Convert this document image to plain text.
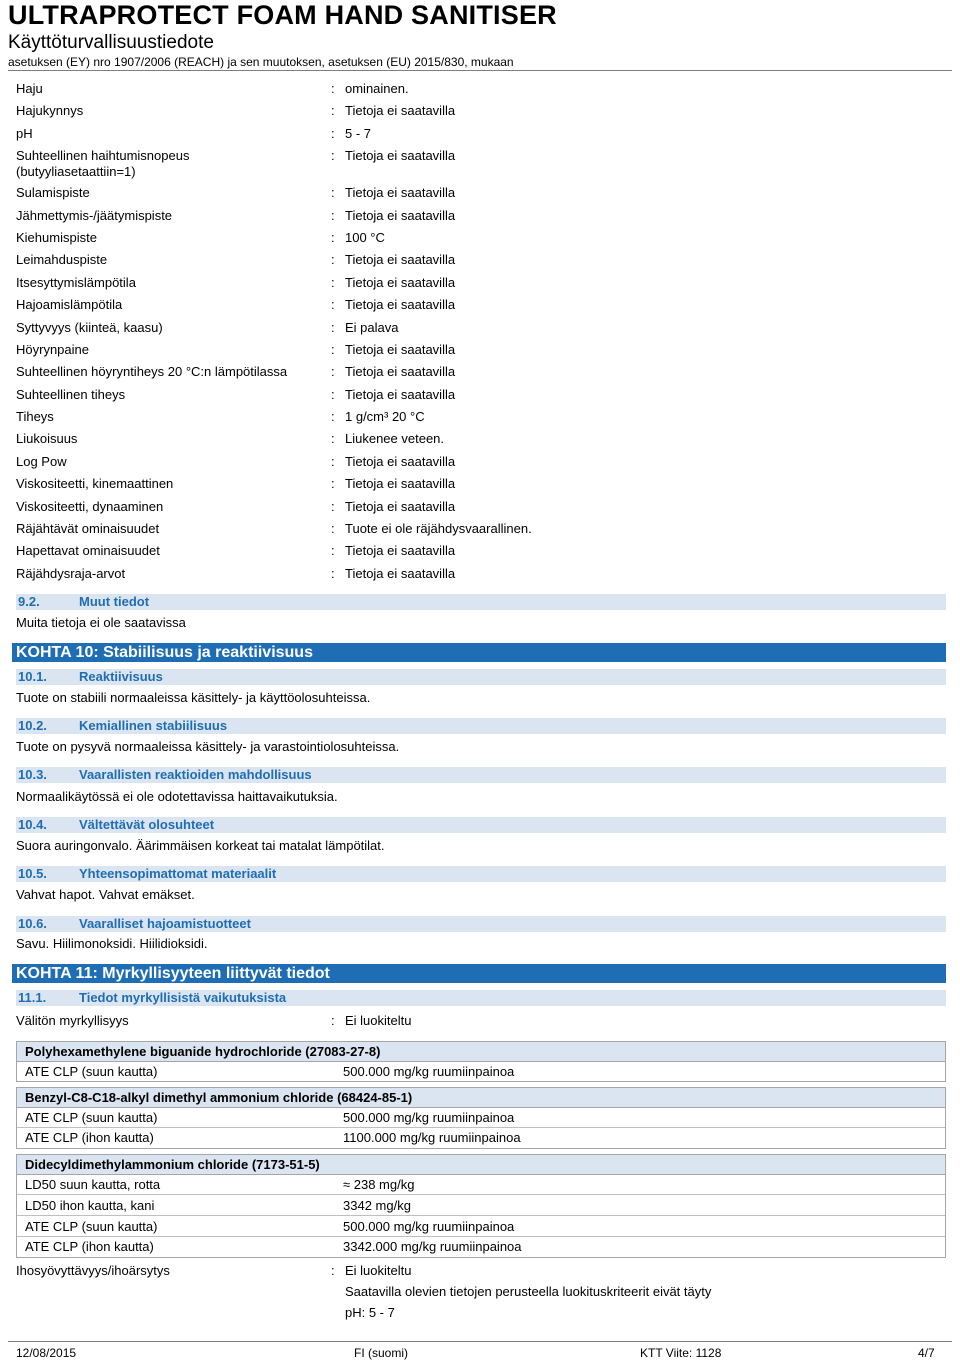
ULTRAPROTECT FOAM HAND SANITISER
Käyttöturvallisuustiedote
asetuksen (EY) nro 1907/2006 (REACH) ja sen muutoksen, asetuksen (EU) 2015/830, mukaan
Haju	: ominainen.
Hajukynnys	: Tietoja ei saatavilla
pH	: 5 - 7
Suhteellinen haihtumisnopeus
(butyyliasetaattiin=1)
: Tietoja ei saatavilla
Sulamispiste	: Tietoja ei saatavilla
Jähmettymis-/jäätymispiste	: Tietoja ei saatavilla
Kiehumispiste	: 100 °C
Leimahduspiste	: Tietoja ei saatavilla
Itsesyttymislämpötila	: Tietoja ei saatavilla
Hajoamislämpötila	: Tietoja ei saatavilla
Syttyvyys (kiinteä, kaasu)	: Ei palava
Höyrynpaine	: Tietoja ei saatavilla
Suhteellinen höyryntiheys 20 °C:n lämpötilassa	: Tietoja ei saatavilla
Suhteellinen tiheys	: Tietoja ei saatavilla
Tiheys	: 1 g/cm³ 20 °C
Liukoisuus	: Liukenee veteen.
Log Pow	: Tietoja ei saatavilla
Viskositeetti, kinemaattinen	: Tietoja ei saatavilla
Viskositeetti, dynaaminen	: Tietoja ei saatavilla
Räjähtävät ominaisuudet	: Tuote ei ole räjähdysvaarallinen.
Hapettavat ominaisuudet	: Tietoja ei saatavilla
Räjähdysraja-arvot	: Tietoja ei saatavilla
9.2.	Muut tiedot
Muita tietoja ei ole saatavissa
KOHTA 10: Stabiilisuus ja reaktiivisuus
10.1. Reaktiivisuus
Tuote on stabiili normaaleissa käsittely- ja käyttöolosuhteissa.
10.2. Kemiallinen stabiilisuus
Tuote on pysyvä normaaleissa käsittely- ja varastointiolosuhteissa.
10.3. Vaarallisten reaktioiden mahdollisuus
Normaalikäytössä ei ole odotettavissa haittavaikutuksia.
10.4. Vältettävät olosuhteet
Suora auringonvalo. Äärimmäisen korkeat tai matalat lämpötilat.
10.5. Yhteensopimattomat materiaalit
Vahvat hapot. Vahvat emäkset.
10.6. Vaaralliset hajoamistuotteet
Savu. Hiilimonoksidi. Hiilidioksidi.
KOHTA 11: Myrkyllisyyteen liittyvät tiedot
11.1.	Tiedot myrkyllisistä vaikutuksista
Välitön myrkyllisyys	: Ei luokiteltu
Polyhexamethylene biguanide hydrochloride (27083-27-8)
ATE CLP (suun kautta)	500.000 mg/kg ruumiinpainoa
Benzyl-C8-C18-alkyl dimethyl ammonium chloride (68424-85-1)
ATE CLP (suun kautta)	500.000 mg/kg ruumiinpainoa
ATE CLP (ihon kautta)	1100.000 mg/kg ruumiinpainoa
Didecyldimethylammonium chloride (7173-51-5)
LD50 suun kautta, rotta	≈ 238 mg/kg
LD50 ihon kautta, kani	3342 mg/kg
ATE CLP (suun kautta)	500.000 mg/kg ruumiinpainoa
ATE CLP (ihon kautta)	3342.000 mg/kg ruumiinpainoa
Ihosyövyttävyys/ihoärsytys	: Ei luokiteltu
Saatavilla olevien tietojen perusteella luokituskriteerit eivät täyty
pH: 5 - 7
12/08/2015	FI (suomi)	KTT Viite: 1128	4/7
